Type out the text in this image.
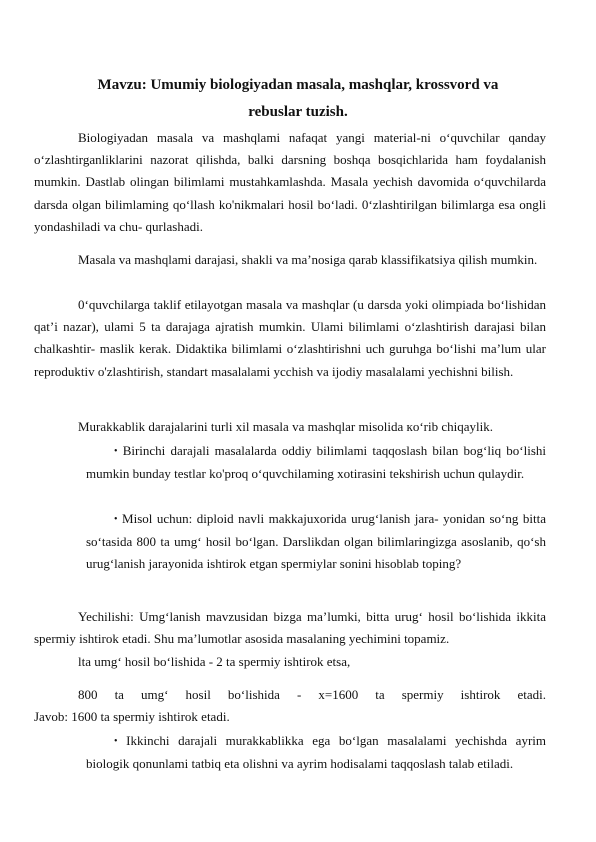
Mavzu: Umumiy biologiyadan masala, mashqlar, krossvord va
rebuslar tuzish.

Biologiyadan masala va mashqlami nafaqat yangi material-ni o‘quvchilar qanday o‘zlashtirganliklarini nazorat qilishda, balki darsning boshqa bosqichlarida ham foydalanish mumkin. Dastlab olingan bilimlami mustahkamlashda. Masala yechish davomida o‘quvchilarda darsda olgan bilimlaming qo‘llash ko'nikmalari hosil bo‘ladi. 0‘zlashtirilgan bilimlarga esa ongli yondashiladi va chu- qurlashadi.

Masala va mashqlami darajasi, shakli va ma’nosiga qarab klassifikatsiya qilish mumkin.

0‘quvchilarga taklif etilayotgan masala va mashqlar (u darsda yoki olimpiada bo‘lishidan qat’i nazar), ulami 5 ta darajaga ajratish mumkin. Ulami bilimlami o‘zlashtirish darajasi bilan chalkashtir- maslik kerak. Didaktika bilimlami o‘zlashtirishni uch guruhga bo‘lishi ma’lum ular reproduktiv o'zlashtirish, standart masalalami ycchish va ijodiy masalalami yechishni bilish.

Murakkablik darajalarini turli xil masala va mashqlar misolida кo‘rib chiqaylik.

• Birinchi darajali masalalarda oddiy bilimlami taqqoslash bilan bog‘liq bo‘lishi mumkin bunday testlar ko'proq o‘quvchilaming xotirasini tekshirish uchun qulaydir.
• Misol uchun: diploid navli makkajuxorida urug‘lanish jara- yonidan so‘ng bitta so‘tasida 800 ta umg‘ hosil bo‘lgan. Darslikdan olgan bilimlaringizga asoslanib, qo‘sh urug‘lanish jarayonida ishtirok etgan spermiylar sonini hisoblab toping?

Yechilishi: Umg‘lanish mavzusidan bizga ma’lumki, bitta urug‘ hosil bo‘lishida ikkita spermiy ishtirok etadi. Shu ma’lumotlar asosida masalaning yechimini topamiz.

lta umg‘ hosil bo‘lishida - 2 ta spermiy ishtirok etsa,

800 ta umg‘ hosil bo‘lishida - x=1600 ta spermiy ishtirok etadi.

Javob: 1600 ta spermiy ishtirok etadi.

• Ikkinchi darajali murakkablikka ega bo‘lgan masalalami yechishda ayrim biologik qonunlami tatbiq eta olishni va ayrim hodisalami taqqoslash talab etiladi.
